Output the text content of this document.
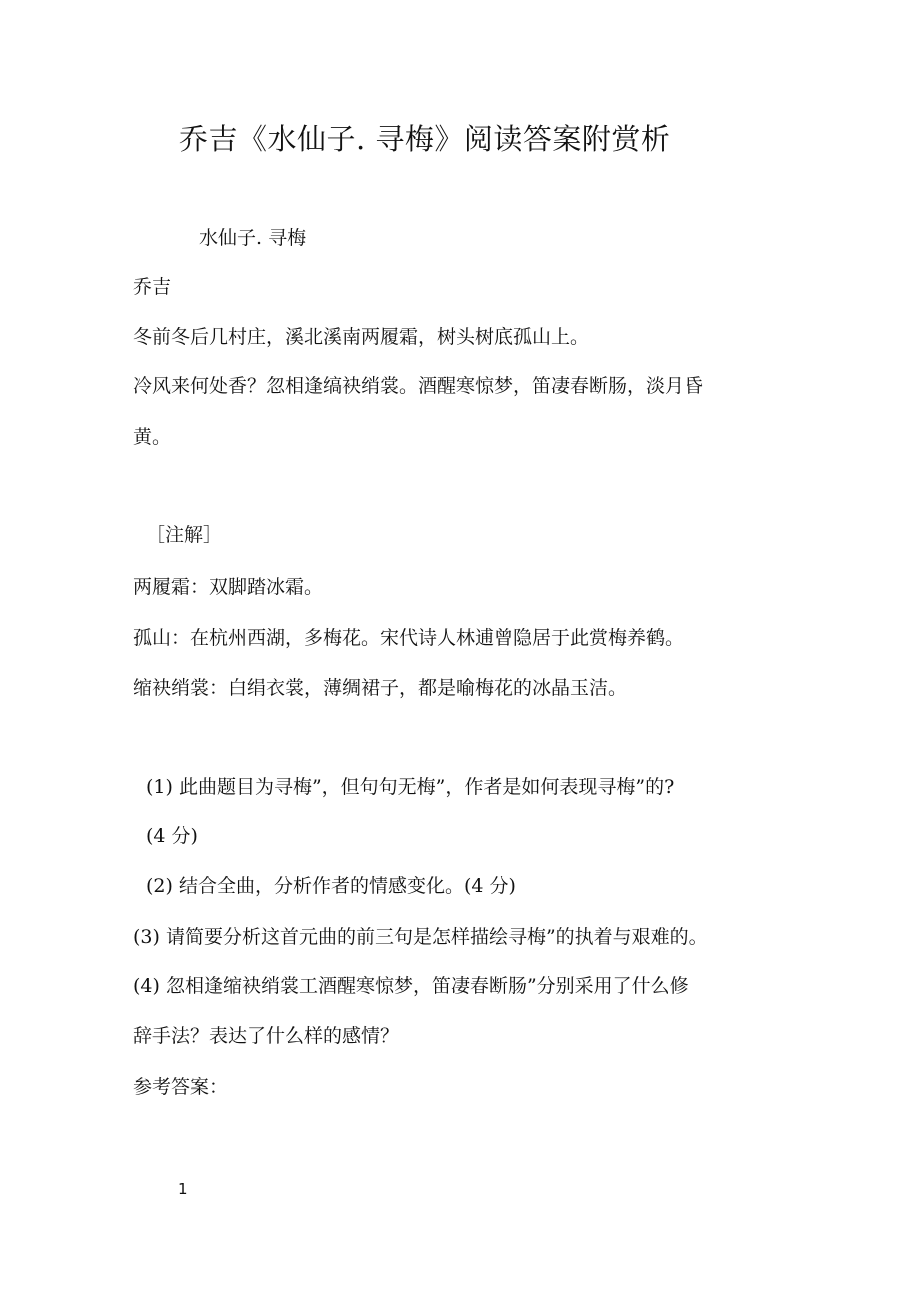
乔吉《水仙子. 寻梅》阅读答案附赏析
水仙子. 寻梅
乔吉
冬前冬后几村庄，溪北溪南两履霜，树头树底孤山上。
冷风来何处香？忽相逢缟袂绡裳。酒醒寒惊梦，笛凄春断肠，淡月昏
黄。
［注解］
两履霜：双脚踏冰霜。
孤山：在杭州西湖，多梅花。宋代诗人林逋曾隐居于此赏梅养鹤。
缩袂绡裳：白绢衣裳，薄绸裙子，都是喻梅花的冰晶玉洁。
(1) 此曲题目为寻梅”，但句句无梅”，作者是如何表现寻梅”的?
(4 分)
(2) 结合全曲，分析作者的情感变化。(4 分)
(3) 请简要分析这首元曲的前三句是怎样描绘寻梅”的执着与艰难的。
(4) 忽相逢缩袂绡裳工酒醒寒惊梦，笛凄春断肠”分别采用了什么修
辞手法？表达了什么样的感情？
参考答案：
1
